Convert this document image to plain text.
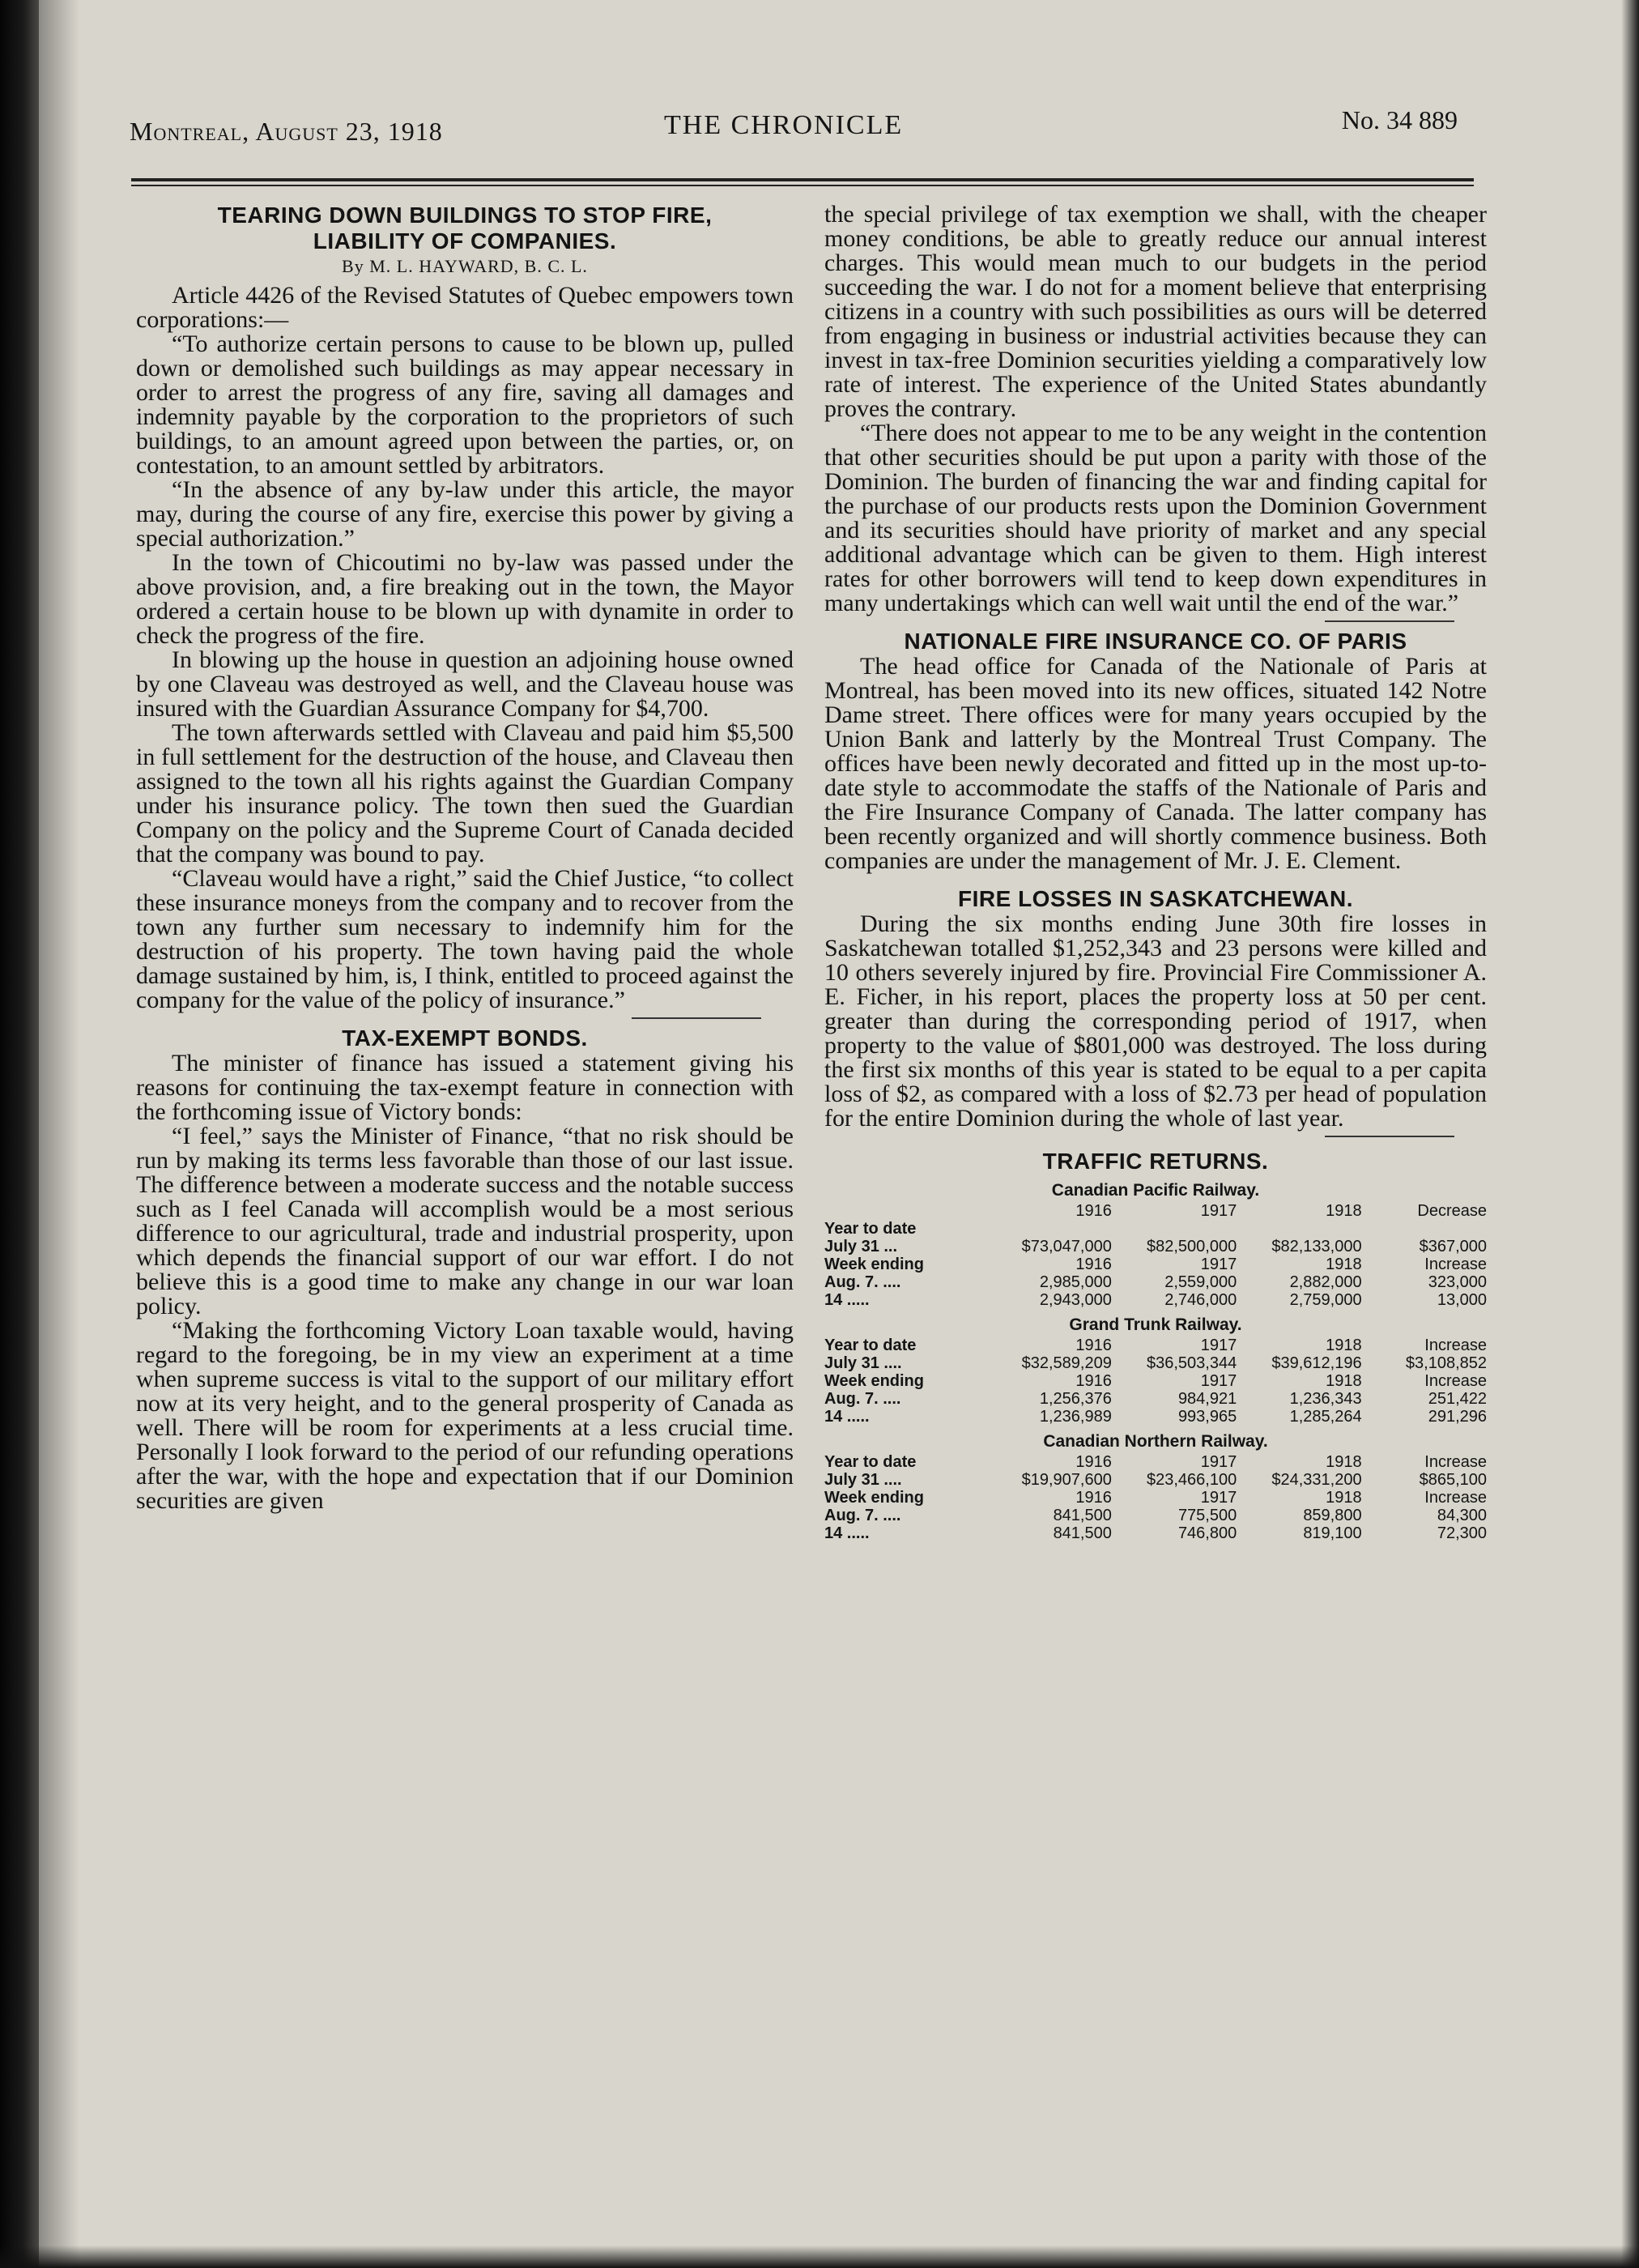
Montreal, August 23, 1918	THE CHRONICLE	No. 34 889
TEARING DOWN BUILDINGS TO STOP FIRE,
LIABILITY OF COMPANIES.
By M. L. HAYWARD, B. C. L.

Article 4426 of the Revised Statutes of Quebec empowers town corporations:—

“To authorize certain persons to cause to be blown up, pulled down or demolished such buildings as may appear necessary in order to arrest the progress of any fire, saving all damages and indemnity payable by the corporation to the proprietors of such buildings, to an amount agreed upon between the parties, or, on contestation, to an amount settled by arbitrators.

“In the absence of any by-law under this article, the mayor may, during the course of any fire, exercise this power by giving a special authorization.”

In the town of Chicoutimi no by-law was passed under the above provision, and, a fire breaking out in the town, the Mayor ordered a certain house to be blown up with dynamite in order to check the progress of the fire.

In blowing up the house in question an adjoining house owned by one Claveau was destroyed as well, and the Claveau house was insured with the Guardian Assurance Company for $4,700.

The town afterwards settled with Claveau and paid him $5,500 in full settlement for the destruction of the house, and Claveau then assigned to the town all his rights against the Guardian Company under his insurance policy. The town then sued the Guardian Company on the policy and the Supreme Court of Canada decided that the company was bound to pay.

“Claveau would have a right,” said the Chief Justice, “to collect these insurance moneys from the company and to recover from the town any further sum necessary to indemnify him for the destruction of his property. The town having paid the whole damage sustained by him, is, I think, entitled to proceed against the company for the value of the policy of insurance.”

TAX-EXEMPT BONDS.

The minister of finance has issued a statement giving his reasons for continuing the tax-exempt feature in connection with the forthcoming issue of Victory bonds:

“I feel,” says the Minister of Finance, “that no risk should be run by making its terms less favorable than those of our last issue. The difference between a moderate success and the notable success such as I feel Canada will accomplish would be a most serious difference to our agricultural, trade and industrial prosperity, upon which depends the financial support of our war effort. I do not believe this is a good time to make any change in our war loan policy.

“Making the forthcoming Victory Loan taxable would, having regard to the foregoing, be in my view an experiment at a time when supreme success is vital to the support of our military effort now at its very height, and to the general prosperity of Canada as well. There will be room for experiments at a less crucial time. Personally I look forward to the period of our refunding operations after the war, with the hope and expectation that if our Dominion securities are given

the special privilege of tax exemption we shall, with the cheaper money conditions, be able to greatly reduce our annual interest charges. This would mean much to our budgets in the period succeeding the war. I do not for a moment believe that enterprising citizens in a country with such possibilities as ours will be deterred from engaging in business or industrial activities because they can invest in tax-free Dominion securities yielding a comparatively low rate of interest. The experience of the United States abundantly proves the contrary.

“There does not appear to me to be any weight in the contention that other securities should be put upon a parity with those of the Dominion. The burden of financing the war and finding capital for the purchase of our products rests upon the Dominion Government and its securities should have priority of market and any special additional advantage which can be given to them. High interest rates for other borrowers will tend to keep down expenditures in many undertakings which can well wait until the end of the war.”

NATIONALE FIRE INSURANCE CO. OF PARIS

The head office for Canada of the Nationale of Paris at Montreal, has been moved into its new offices, situated 142 Notre Dame street. There offices were for many years occupied by the Union Bank and latterly by the Montreal Trust Company. The offices have been newly decorated and fitted up in the most up-to-date style to accommodate the staffs of the Nationale of Paris and the Fire Insurance Company of Canada. The latter company has been recently organized and will shortly commence business. Both companies are under the management of Mr. J. E. Clement.

FIRE LOSSES IN SASKATCHEWAN.

During the six months ending June 30th fire losses in Saskatchewan totalled $1,252,343 and 23 persons were killed and 10 others severely injured by fire. Provincial Fire Commissioner A. E. Ficher, in his report, places the property loss at 50 per cent. greater than during the corresponding period of 1917, when property to the value of $801,000 was destroyed. The loss during the first six months of this year is stated to be equal to a per capita loss of $2, as compared with a loss of $2.73 per head of population for the entire Dominion during the whole of last year.

TRAFFIC RETURNS.
Canadian Pacific Railway.
	1916	1917	1918	Decrease
Year to date				
July 31 ...	$73,047,000	$82,500,000	$82,133,000	$367,000
Week ending	1916	1917	1918	Increase
Aug. 7. ....	2,985,000	2,559,000	2,882,000	323,000
14 .....	2,943,000	2,746,000	2,759,000	13,000
Grand Trunk Railway.
Year to date	1916	1917	1918	Increase
July 31 ....	$32,589,209	$36,503,344	$39,612,196	$3,108,852
Week ending	1916	1917	1918	Increase
Aug. 7. ....	1,256,376	984,921	1,236,343	251,422
14 .....	1,236,989	993,965	1,285,264	291,296
Canadian Northern Railway.
Year to date	1916	1917	1918	Increase
July 31 ....	$19,907,600	$23,466,100	$24,331,200	$865,100
Week ending	1916	1917	1918	Increase
Aug. 7. ....	841,500	775,500	859,800	84,300
14 .....	841,500	746,800	819,100	72,300
